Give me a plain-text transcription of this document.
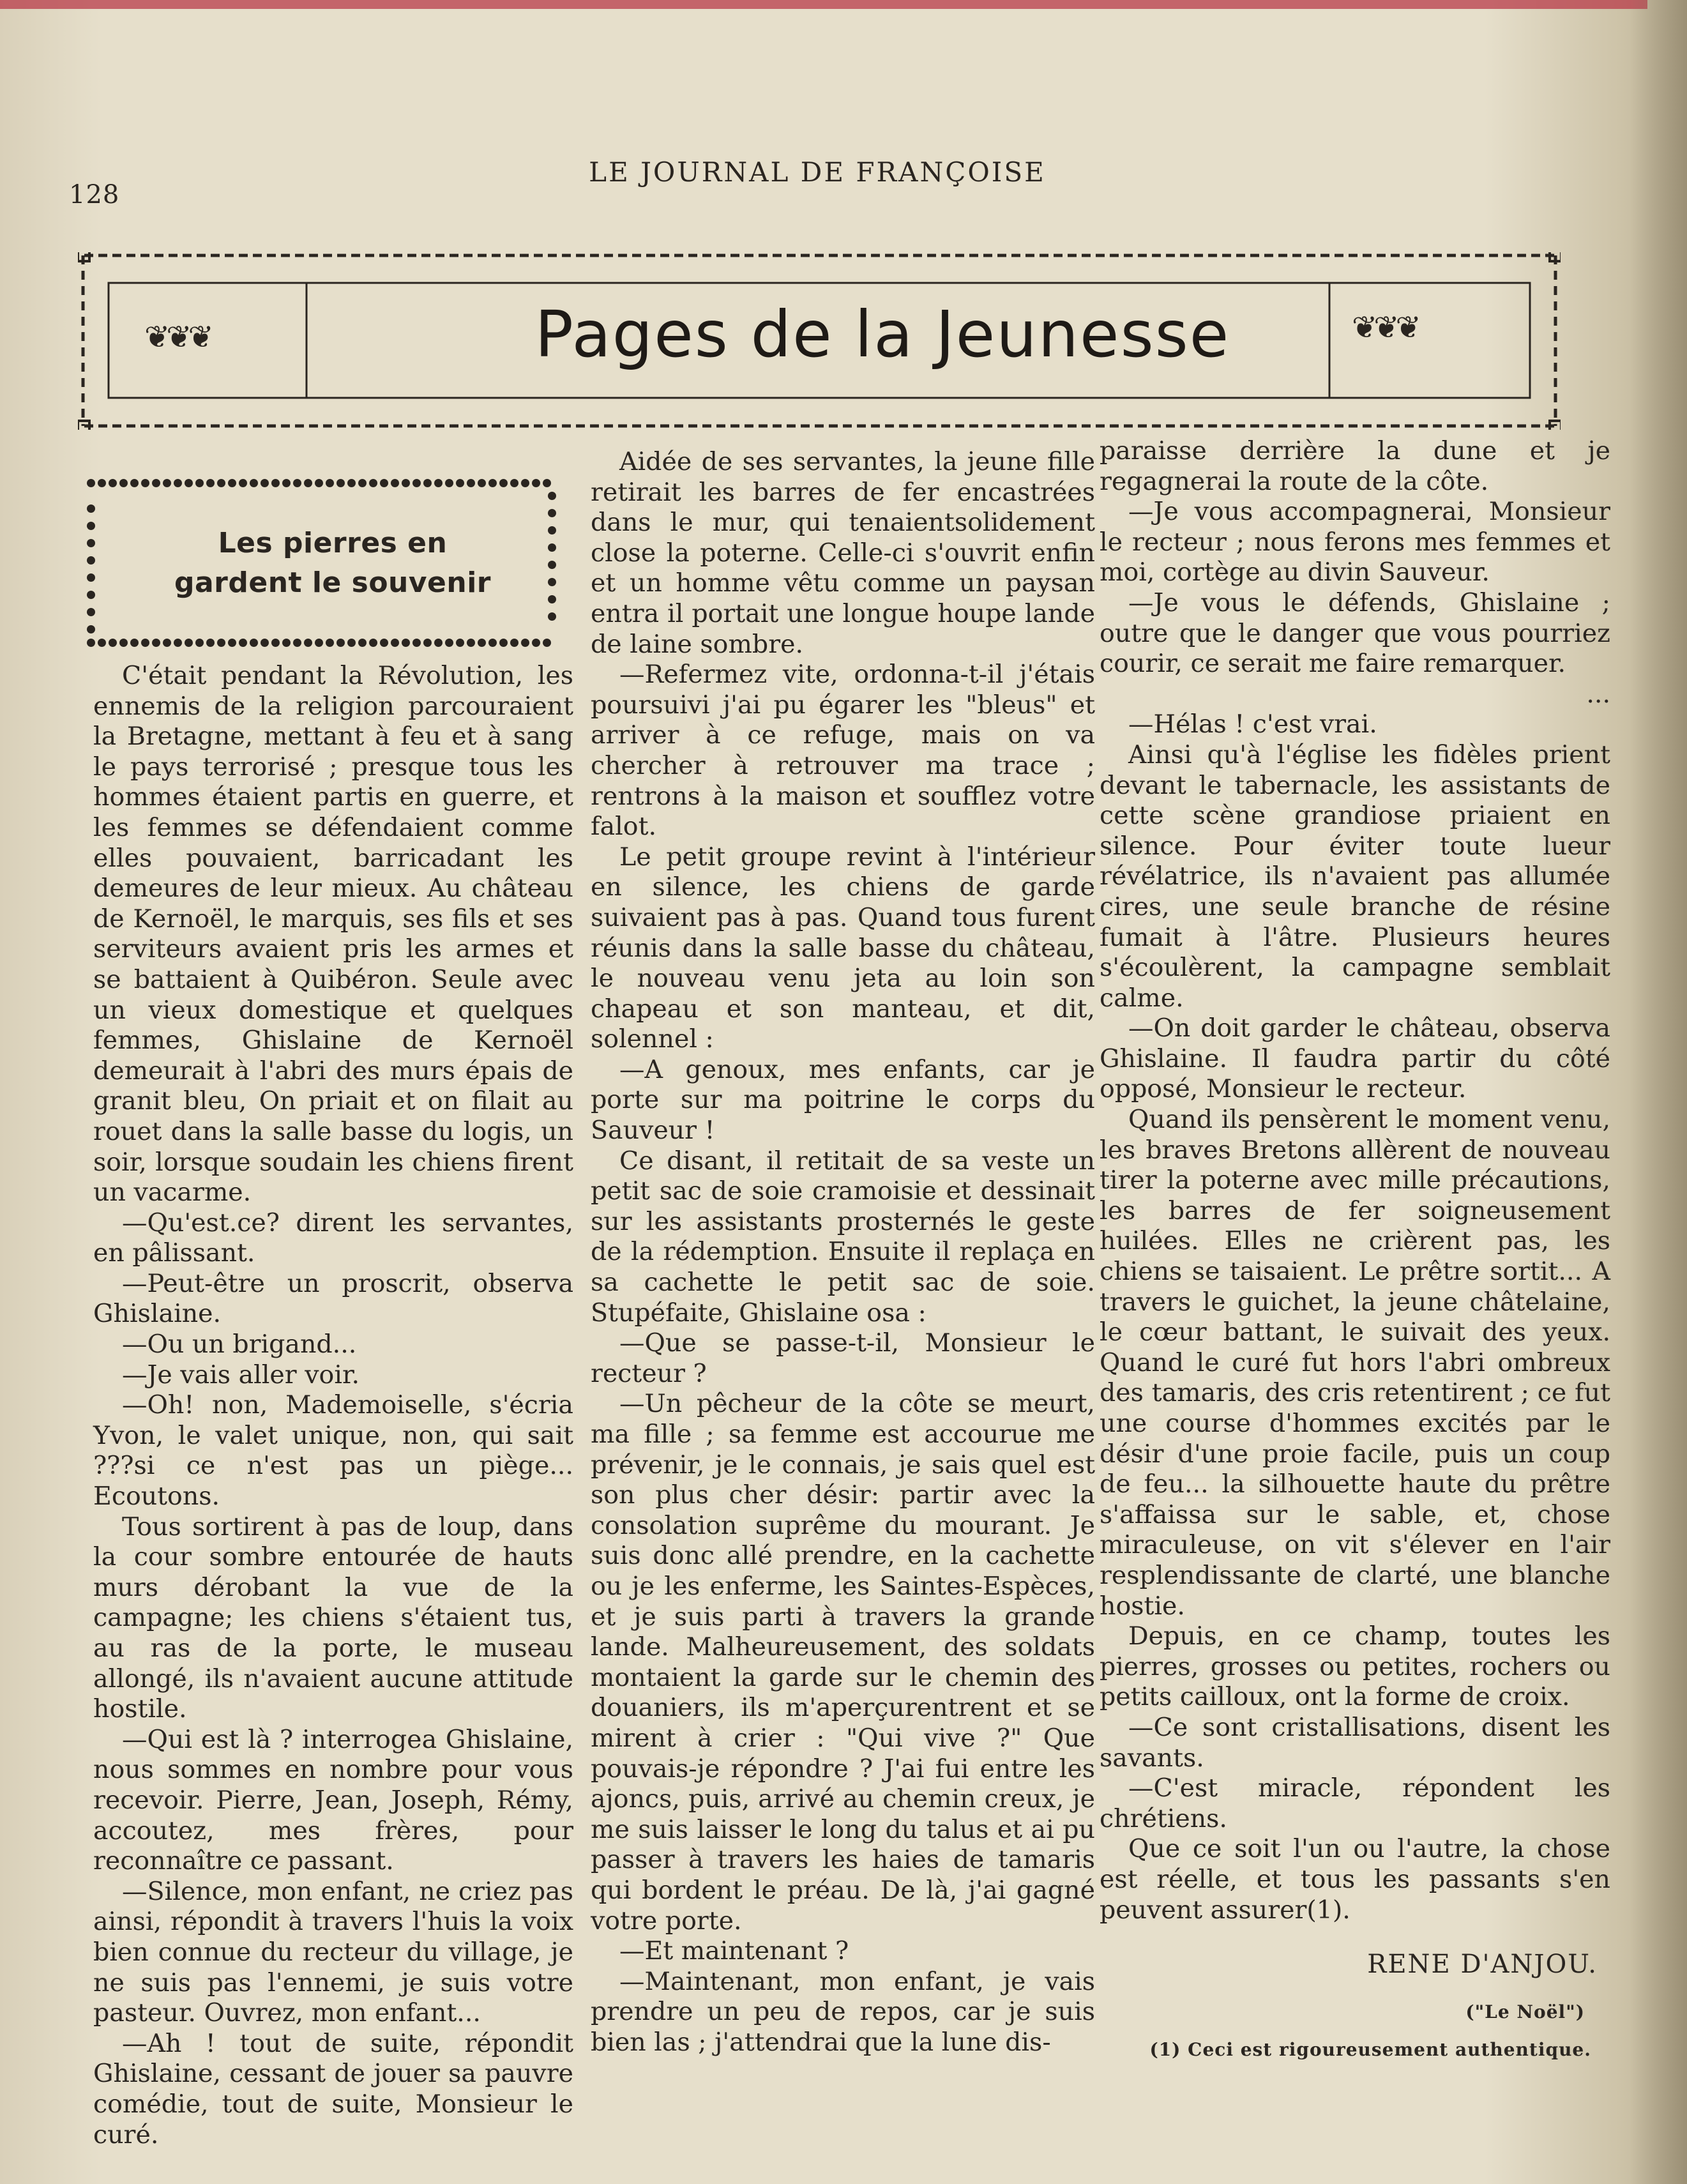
128
LE JOURNAL DE FRANÇOISE
❦❦❦	Pages de la Jeunesse	❦❦❦
Les pierres en gardent le souvenir

C'était pendant la Révolution, les ennemis de la religion parcouraient la Bretagne, mettant à feu et à sang le pays terrorisé ; presque tous les hommes étaient partis en guerre, et les femmes se défendaient comme elles pouvaient, barricadant les demeures de leur mieux. Au château de Kernoël, le marquis, ses fils et ses serviteurs avaient pris les armes et se battaient à Quibéron. Seule avec un vieux domestique et quelques femmes, Ghislaine de Kernoël demeurait à l'abri des murs épais de granit bleu, On priait et on filait au rouet dans la salle basse du logis, un soir, lorsque soudain les chiens firent un vacarme.

—Qu'est.ce? dirent les servantes, en pâlissant.

—Peut-être un proscrit, observa Ghislaine.

—Ou un brigand...

—Je vais aller voir.

—Oh! non, Mademoiselle, s'écria Yvon, le valet unique, non, qui sait ???si ce n'est pas un piège... Ecoutons.

Tous sortirent à pas de loup, dans la cour sombre entourée de hauts murs dérobant la vue de la campagne; les chiens s'étaient tus, au ras de la porte, le museau allongé, ils n'avaient aucune attitude hostile.

—Qui est là ? interrogea Ghislaine, nous sommes en nombre pour vous recevoir. Pierre, Jean, Joseph, Rémy, accoutez, mes frères, pour reconnaître ce passant.

—Silence, mon enfant, ne criez pas ainsi, répondit à travers l'huis la voix bien connue du recteur du village, je ne suis pas l'ennemi, je suis votre pasteur. Ouvrez, mon enfant...

—Ah ! tout de suite, répondit Ghislaine, cessant de jouer sa pauvre comédie, tout de suite, Monsieur le curé.

Aidée de ses servantes, la jeune fille retirait les barres de fer encastrées dans le mur, qui tenaientsolidement close la poterne. Celle-ci s'ouvrit enfin et un homme vêtu comme un paysan entra il portait une longue houpe lande de laine sombre.

—Refermez vite, ordonna-t-il j'étais poursuivi j'ai pu égarer les "bleus" et arriver à ce refuge, mais on va chercher à retrouver ma trace ; rentrons à la maison et soufflez votre falot.

Le petit groupe revint à l'intérieur en silence, les chiens de garde suivaient pas à pas. Quand tous furent réunis dans la salle basse du château, le nouveau venu jeta au loin son chapeau et son manteau, et dit, solennel :

—A genoux, mes enfants, car je porte sur ma poitrine le corps du Sauveur !

Ce disant, il retitait de sa veste un petit sac de soie cramoisie et dessinait sur les assistants prosternés le geste de la rédemption. Ensuite il replaça en sa cachette le petit sac de soie. Stupéfaite, Ghislaine osa :

—Que se passe-t-il, Monsieur le recteur ?

—Un pêcheur de la côte se meurt, ma fille ; sa femme est accourue me prévenir, je le connais, je sais quel est son plus cher désir: partir avec la consolation suprême du mourant. Je suis donc allé prendre, en la cachette ou je les enferme, les Saintes-Espèces, et je suis parti à travers la grande lande. Malheureusement, des soldats montaient la garde sur le chemin des douaniers, ils m'aperçurentrent et se mirent à crier : "Qui vive ?" Que pouvais-je répondre ? J'ai fui entre les ajoncs, puis, arrivé au chemin creux, je me suis laisser le long du talus et ai pu passer à travers les haies de tamaris qui bordent le préau. De là, j'ai gagné votre porte.

—Et maintenant ?

—Maintenant, mon enfant, je vais prendre un peu de repos, car je suis bien las ; j'attendrai que la lune dis-

paraisse derrière la dune et je regagnerai la route de la côte.

—Je vous accompagnerai, Monsieur le recteur ; nous ferons mes femmes et moi, cortège au divin Sauveur.

—Je vous le défends, Ghislaine ; outre que le danger que vous pourriez courir, ce serait me faire remarquer.

...

—Hélas ! c'est vrai.

Ainsi qu'à l'église les fidèles prient devant le tabernacle, les assistants de cette scène grandiose priaient en silence. Pour éviter toute lueur révélatrice, ils n'avaient pas allumée cires, une seule branche de résine fumait à l'âtre. Plusieurs heures s'écoulèrent, la campagne semblait calme.

—On doit garder le château, observa Ghislaine. Il faudra partir du côté opposé, Monsieur le recteur.

Quand ils pensèrent le moment venu, les braves Bretons allèrent de nouveau tirer la poterne avec mille précautions, les barres de fer soigneusement huilées. Elles ne crièrent pas, les chiens se taisaient. Le prêtre sortit... A travers le guichet, la jeune châtelaine, le cœur battant, le suivait des yeux. Quand le curé fut hors l'abri ombreux des tamaris, des cris retentirent ; ce fut une course d'hommes excités par le désir d'une proie facile, puis un coup de feu... la silhouette haute du prêtre s'affaissa sur le sable, et, chose miraculeuse, on vit s'élever en l'air resplendissante de clarté, une blanche hostie.

Depuis, en ce champ, toutes les pierres, grosses ou petites, rochers ou petits cailloux, ont la forme de croix.

—Ce sont cristallisations, disent les savants.

—C'est miracle, répondent les chrétiens.

Que ce soit l'un ou l'autre, la chose est réelle, et tous les passants s'en peuvent assurer(1).

RENE D'ANJOU.
("Le Noël")
(1) Ceci est rigoureusement authentique.
